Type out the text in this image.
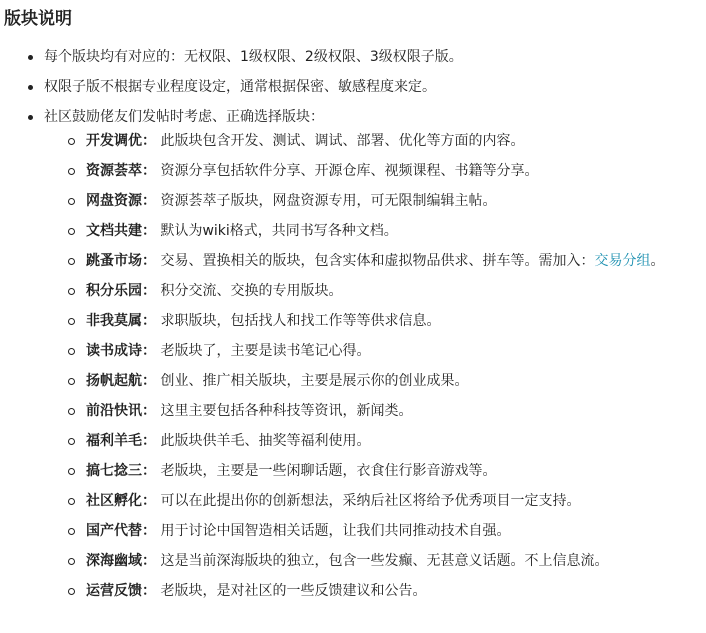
版块说明
每个版块均有对应的：无权限、1级权限、2级权限、3级权限子版。
权限子版不根据专业程度设定，通常根据保密、敏感程度来定。
社区鼓励佬友们发帖时考虑、正确选择版块：
开发调优： 此版块包含开发、测试、调试、部署、优化等方面的内容。
资源荟萃： 资源分享包括软件分享、开源仓库、视频课程、书籍等分享。
网盘资源： 资源荟萃子版块，网盘资源专用，可无限制编辑主帖。
文档共建： 默认为wiki格式，共同书写各种文档。
跳蚤市场： 交易、置换相关的版块，包含实体和虚拟物品供求、拼车等。需加入：交易分组。
积分乐园： 积分交流、交换的专用版块。
非我莫属： 求职版块，包括找人和找工作等等供求信息。
读书成诗： 老版块了，主要是读书笔记心得。
扬帆起航： 创业、推广相关版块，主要是展示你的创业成果。
前沿快讯： 这里主要包括各种科技等资讯，新闻类。
福利羊毛： 此版块供羊毛、抽奖等福利使用。
搞七捻三： 老版块，主要是一些闲聊话题，衣食住行影音游戏等。
社区孵化： 可以在此提出你的创新想法，采纳后社区将给予优秀项目一定支持。
国产代替： 用于讨论中国智造相关话题，让我们共同推动技术自强。
深海幽域： 这是当前深海版块的独立，包含一些发癫、无甚意义话题。不上信息流。
运营反馈： 老版块，是对社区的一些反馈建议和公告。
